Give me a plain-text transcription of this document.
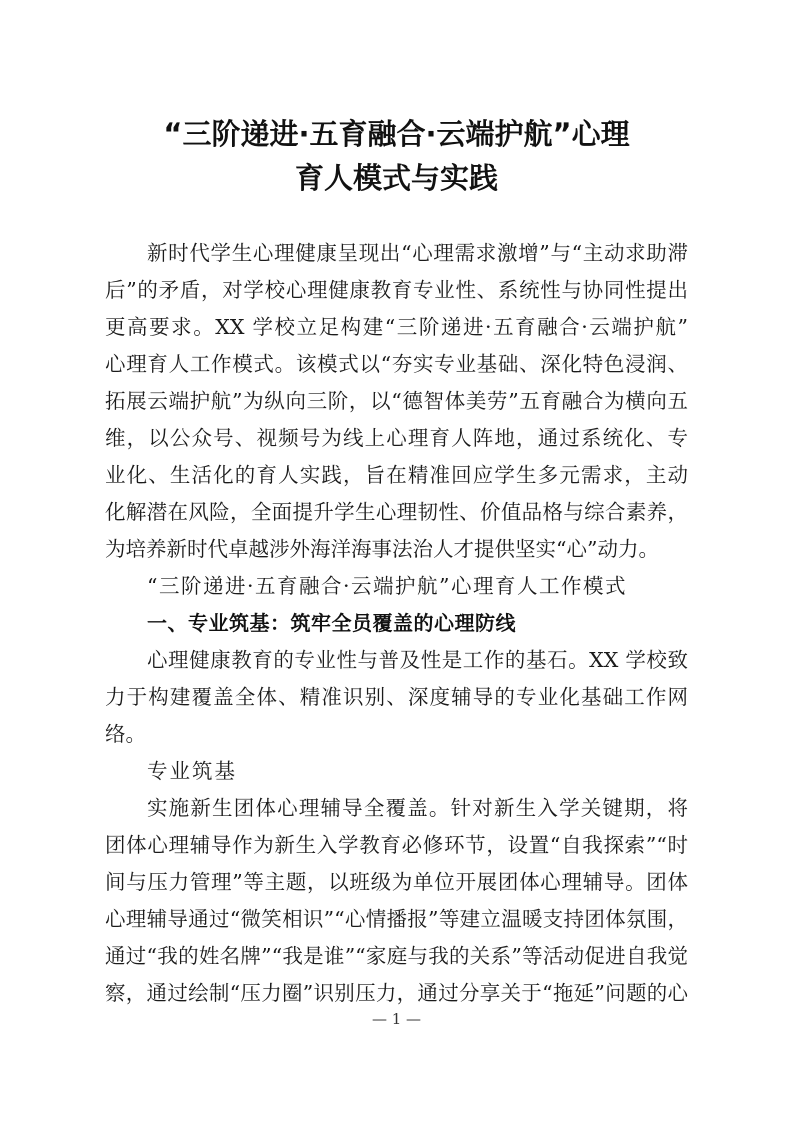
“三阶递进·五育融合·云端护航”心理
育人模式与实践
新时代学生心理健康呈现出“心理需求激增”与“主动求助滞
后”的矛盾，对学校心理健康教育专业性、系统性与协同性提出
更高要求。XX 学校立足构建“三阶递进·五育融合·云端护航”
心理育人工作模式。该模式以“夯实专业基础、深化特色浸润、
拓展云端护航”为纵向三阶，以“德智体美劳”五育融合为横向五
维，以公众号、视频号为线上心理育人阵地，通过系统化、专
业化、生活化的育人实践，旨在精准回应学生多元需求，主动
化解潜在风险，全面提升学生心理韧性、价值品格与综合素养，
为培养新时代卓越涉外海洋海事法治人才提供坚实“心”动力。
“三阶递进·五育融合·云端护航”心理育人工作模式
一、专业筑基：筑牢全员覆盖的心理防线
心理健康教育的专业性与普及性是工作的基石。XX 学校致
力于构建覆盖全体、精准识别、深度辅导的专业化基础工作网
络。
专业筑基
实施新生团体心理辅导全覆盖。针对新生入学关键期，将
团体心理辅导作为新生入学教育必修环节，设置“自我探索”“时
间与压力管理”等主题，以班级为单位开展团体心理辅导。团体
心理辅导通过“微笑相识”“心情播报”等建立温暖支持团体氛围，
通过“我的姓名牌”“我是谁”“家庭与我的关系”等活动促进自我觉
察，通过绘制“压力圈”识别压力，通过分享关于“拖延”问题的心
— 1 —
